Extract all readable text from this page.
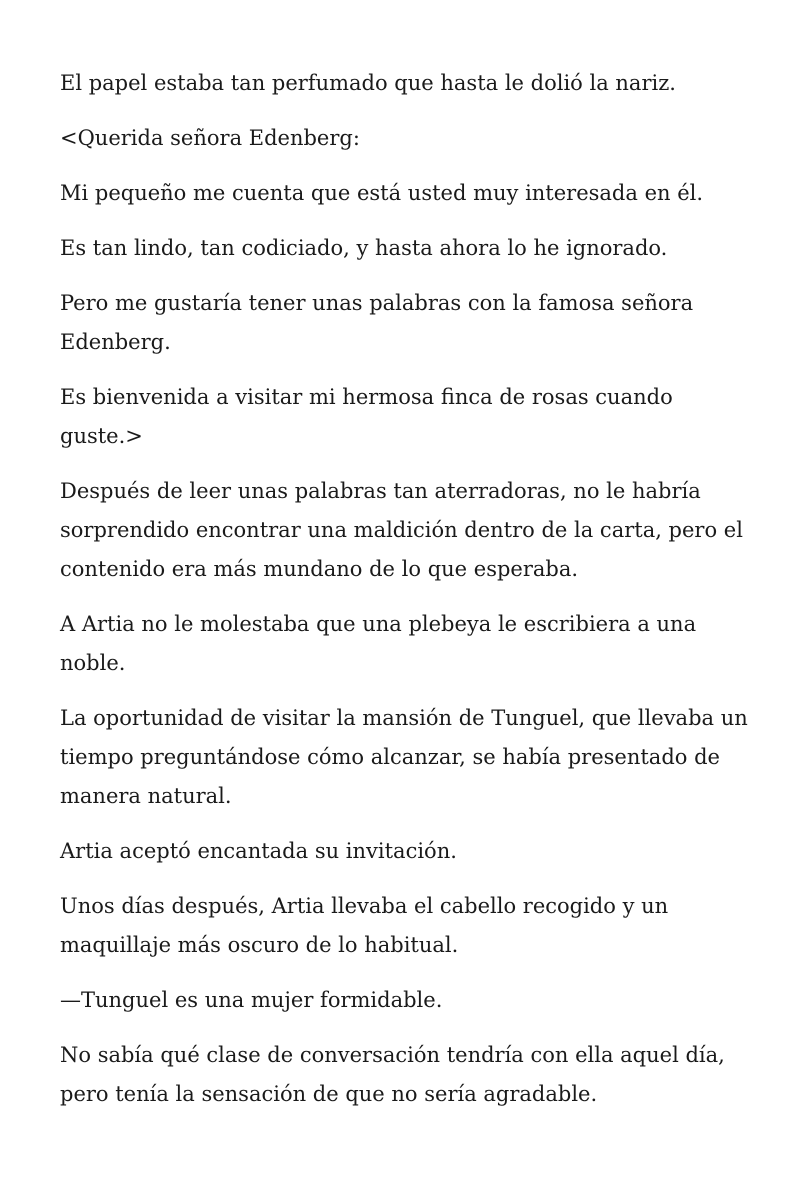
El papel estaba tan perfumado que hasta le dolió la nariz.

<Querida señora Edenberg:

Mi pequeño me cuenta que está usted muy interesada en él.

Es tan lindo, tan codiciado, y hasta ahora lo he ignorado.

Pero me gustaría tener unas palabras con la famosa señora Edenberg.

Es bienvenida a visitar mi hermosa finca de rosas cuando guste.>

Después de leer unas palabras tan aterradoras, no le habría sorprendido encontrar una maldición dentro de la carta, pero el contenido era más mundano de lo que esperaba.

A Artia no le molestaba que una plebeya le escribiera a una noble.

La oportunidad de visitar la mansión de Tunguel, que llevaba un tiempo preguntándose cómo alcanzar, se había presentado de manera natural.

Artia aceptó encantada su invitación.

Unos días después, Artia llevaba el cabello recogido y un maquillaje más oscuro de lo habitual.

—Tunguel es una mujer formidable.

No sabía qué clase de conversación tendría con ella aquel día, pero tenía la sensación de que no sería agradable.
